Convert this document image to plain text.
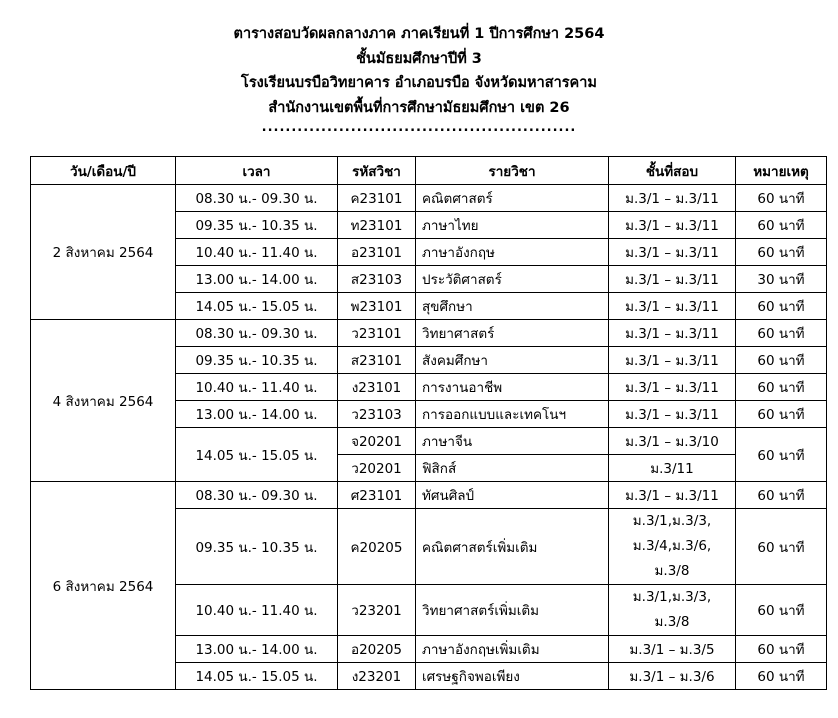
ตารางสอบวัดผลกลางภาค ภาคเรียนที่ 1 ปีการศึกษา 2564
ชั้นมัธยมศึกษาปีที่ 3
โรงเรียนบรบือวิทยาคาร อำเภอบรบือ จังหวัดมหาสารคาม
สำนักงานเขตพื้นที่การศึกษามัธยมศึกษา เขต 26
.....................................................
วัน/เดือน/ปี	เวลา	รหัสวิชา	รายวิชา	ชั้นที่สอบ	หมายเหตุ
2 สิงหาคม 2564	08.30 น.- 09.30 น.	ค23101	คณิตศาสตร์	ม.3/1 – ม.3/11	60 นาที
	09.35 น.- 10.35 น.	ท23101	ภาษาไทย	ม.3/1 – ม.3/11	60 นาที
	10.40 น.- 11.40 น.	อ23101	ภาษาอังกฤษ	ม.3/1 – ม.3/11	60 นาที
	13.00 น.- 14.00 น.	ส23103	ประวัติศาสตร์	ม.3/1 – ม.3/11	30 นาที
	14.05 น.- 15.05 น.	พ23101	สุขศึกษา	ม.3/1 – ม.3/11	60 นาที
4 สิงหาคม 2564	08.30 น.- 09.30 น.	ว23101	วิทยาศาสตร์	ม.3/1 – ม.3/11	60 นาที
	09.35 น.- 10.35 น.	ส23101	สังคมศึกษา	ม.3/1 – ม.3/11	60 นาที
	10.40 น.- 11.40 น.	ง23101	การงานอาชีพ	ม.3/1 – ม.3/11	60 นาที
	13.00 น.- 14.00 น.	ว23103	การออกแบบและเทคโนฯ	ม.3/1 – ม.3/11	60 นาที
	14.05 น.- 15.05 น.	จ20201	ภาษาจีน	ม.3/1 – ม.3/10	60 นาที
		ว20201	ฟิสิกส์	ม.3/11	
6 สิงหาคม 2564	08.30 น.- 09.30 น.	ศ23101	ทัศนศิลป์	ม.3/1 – ม.3/11	60 นาที
	09.35 น.- 10.35 น.	ค20205	คณิตศาสตร์เพิ่มเติม	ม.3/1,ม.3/3,
ม.3/4,ม.3/6,
ม.3/8	60 นาที
	10.40 น.- 11.40 น.	ว23201	วิทยาศาสตร์เพิ่มเติม	ม.3/1,ม.3/3,
ม.3/8	60 นาที
	13.00 น.- 14.00 น.	อ20205	ภาษาอังกฤษเพิ่มเติม	ม.3/1 – ม.3/5	60 นาที
	14.05 น.- 15.05 น.	ง23201	เศรษฐกิจพอเพียง	ม.3/1 – ม.3/6	60 นาที
